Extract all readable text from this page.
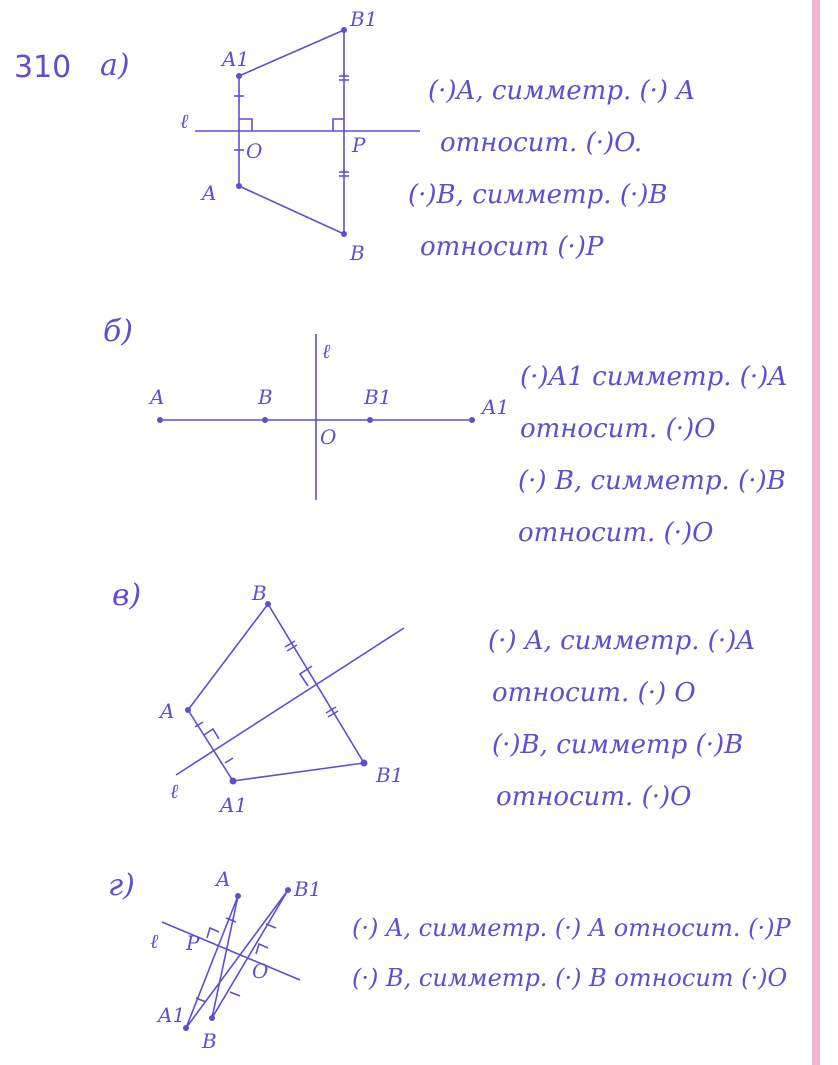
310 а)	A1
B1
ℓ
O	P
A
B
(·)A, симметр. (·) A
относит. (·)O.
(·)B, симметр. (·)B
относит (·)P
б)
A	B	B1	A1
ℓ
O
(·)A1 симметр. (·)A
относит. (·)O
(·) B, симметр. (·)B
относит. (·)O
в)
A
B
A1
B1
ℓ
(·) A, симметр. (·)A
относит. (·) O
(·)B, симметр (·)B
относит. (·)O
г)	A	B1
ℓ P
O
A1
B
(·) A, симметр. (·) A относит. (·)P
(·) B, симметр. (·) B относит (·)O
